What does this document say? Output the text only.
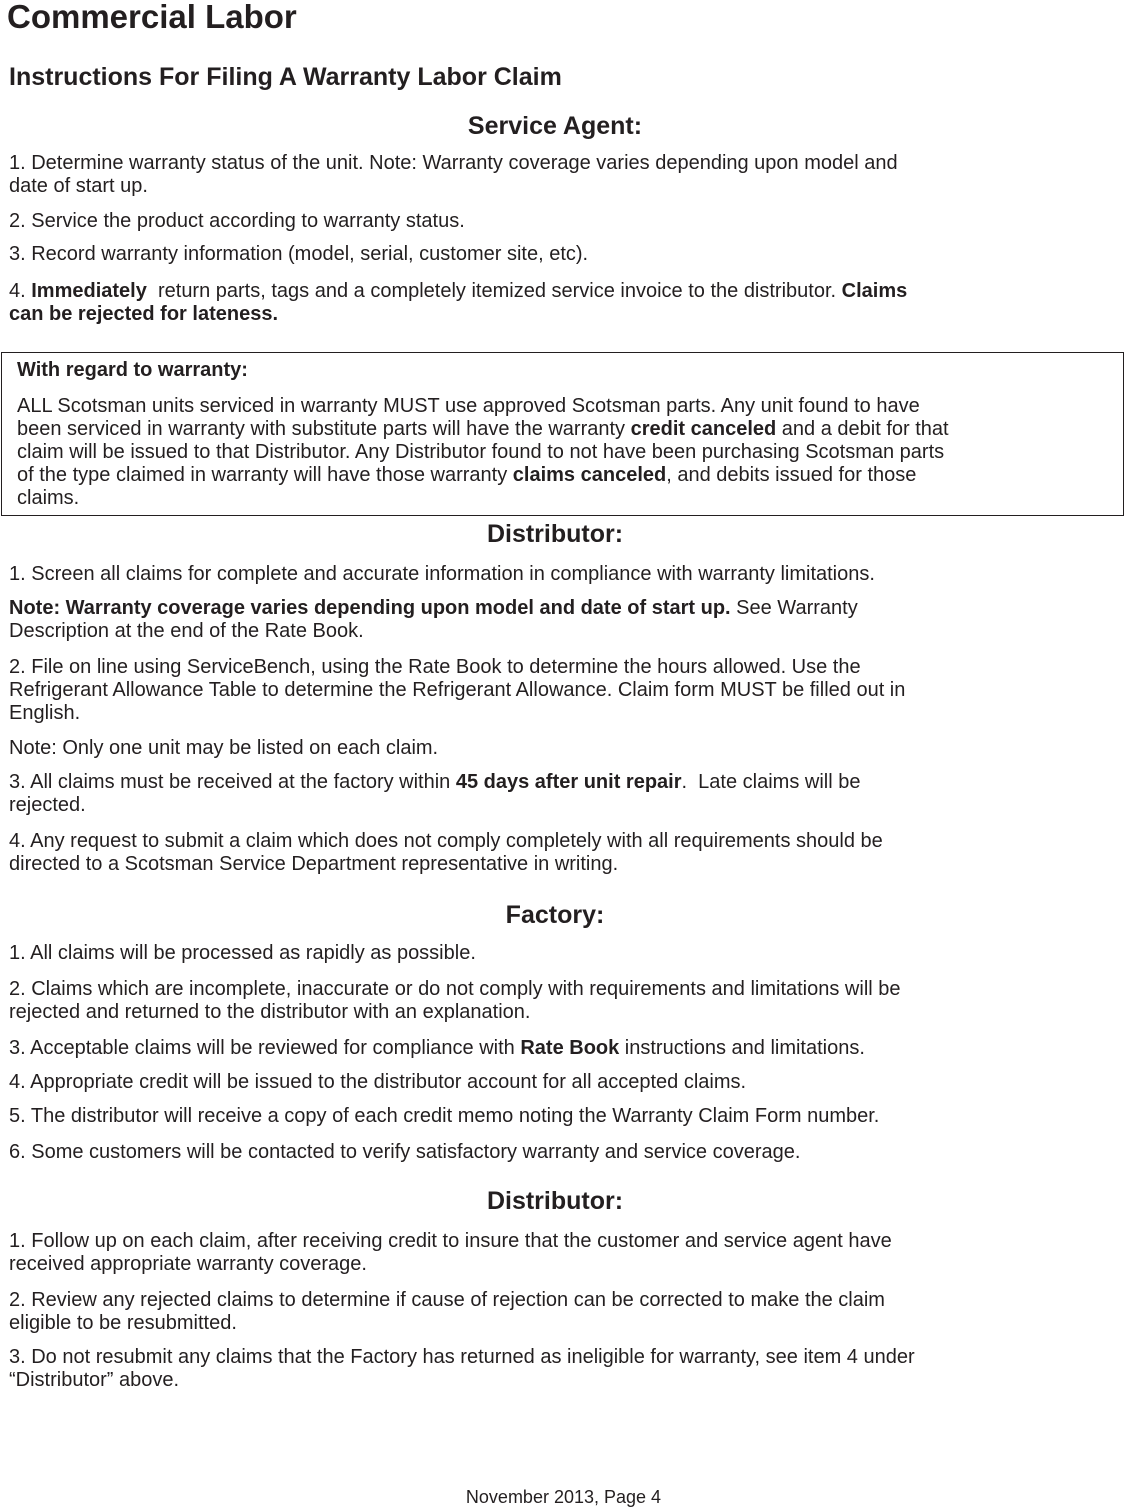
Commercial Labor
Instructions For Filing A Warranty Labor Claim
Service Agent:
1. Determine warranty status of the unit. Note: Warranty coverage varies depending upon model and
date of start up.
2. Service the product according to warranty status.
3. Record warranty information (model, serial, customer site, etc).
4. Immediately  return parts, tags and a completely itemized service invoice to the distributor. Claims
can be rejected for lateness.
With regard to warranty:
ALL Scotsman units serviced in warranty MUST use approved Scotsman parts. Any unit found to have
been serviced in warranty with substitute parts will have the warranty credit canceled and a debit for that
claim will be issued to that Distributor. Any Distributor found to not have been purchasing Scotsman parts
of the type claimed in warranty will have those warranty claims canceled, and debits issued for those
claims.
Distributor:
1. Screen all claims for complete and accurate information in compliance with warranty limitations.
Note: Warranty coverage varies depending upon model and date of start up. See Warranty
Description at the end of the Rate Book.
2. File on line using ServiceBench, using the Rate Book to determine the hours allowed. Use the
Refrigerant Allowance Table to determine the Refrigerant Allowance. Claim form MUST be filled out in
English.
Note: Only one unit may be listed on each claim.
3. All claims must be received at the factory within 45 days after unit repair.  Late claims will be
rejected.
4. Any request to submit a claim which does not comply completely with all requirements should be
directed to a Scotsman Service Department representative in writing.
Factory:
1. All claims will be processed as rapidly as possible.
2. Claims which are incomplete, inaccurate or do not comply with requirements and limitations will be
rejected and returned to the distributor with an explanation.
3. Acceptable claims will be reviewed for compliance with Rate Book instructions and limitations.
4. Appropriate credit will be issued to the distributor account for all accepted claims.
5. The distributor will receive a copy of each credit memo noting the Warranty Claim Form number.
6. Some customers will be contacted to verify satisfactory warranty and service coverage.
Distributor:
1. Follow up on each claim, after receiving credit to insure that the customer and service agent have
received appropriate warranty coverage.
2. Review any rejected claims to determine if cause of rejection can be corrected to make the claim
eligible to be resubmitted.
3. Do not resubmit any claims that the Factory has returned as ineligible for warranty, see item 4 under
“Distributor” above.
November 2013, Page 4
